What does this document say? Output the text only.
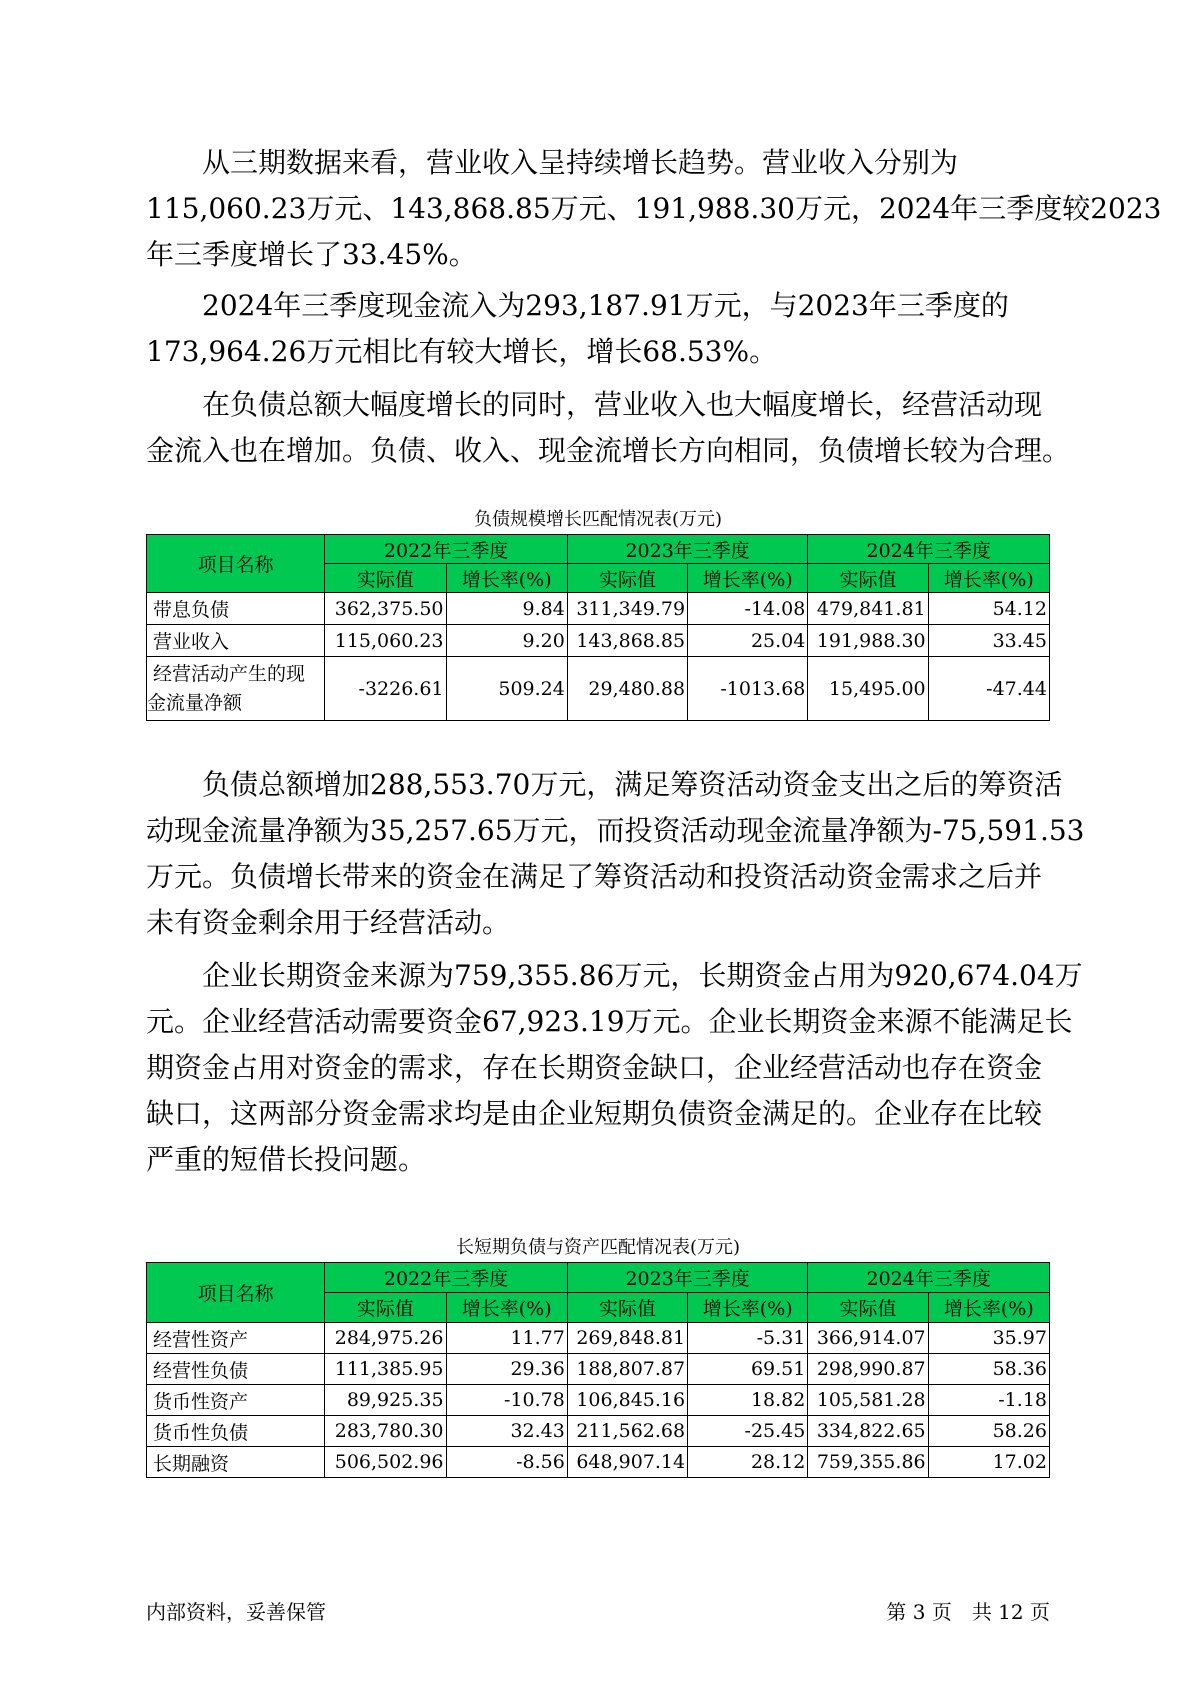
从三期数据来看，营业收入呈持续增长趋势。营业收入分别为
115,060.23万元、143,868.85万元、191,988.30万元，2024年三季度较2023
年三季度增长了33.45%。
2024年三季度现金流入为293,187.91万元，与2023年三季度的
173,964.26万元相比有较大增长，增长68.53%。
在负债总额大幅度增长的同时，营业收入也大幅度增长，经营活动现
金流入也在增加。负债、收入、现金流增长方向相同，负债增长较为合理。
负债规模增长匹配情况表(万元)
项目名称	2022年三季度		2023年三季度		2024年三季度	
	实际值	增长率(%)	实际值	增长率(%)	实际值	增长率(%)
带息负债	362,375.50	9.84	311,349.79	-14.08	479,841.81	54.12
营业收入	115,060.23	9.20	143,868.85	25.04	191,988.30	33.45

经营活动产生的现
金流量净额	-3226.61	509.24	29,480.88	-1013.68	15,495.00	-47.44
负债总额增加288,553.70万元，满足筹资活动资金支出之后的筹资活
动现金流量净额为35,257.65万元，而投资活动现金流量净额为-75,591.53
万元。负债增长带来的资金在满足了筹资活动和投资活动资金需求之后并
未有资金剩余用于经营活动。
企业长期资金来源为759,355.86万元，长期资金占用为920,674.04万
元。企业经营活动需要资金67,923.19万元。企业长期资金来源不能满足长
期资金占用对资金的需求，存在长期资金缺口，企业经营活动也存在资金
缺口，这两部分资金需求均是由企业短期负债资金满足的。企业存在比较
严重的短借长投问题。
长短期负债与资产匹配情况表(万元)
项目名称	2022年三季度		2023年三季度		2024年三季度	
	实际值	增长率(%)	实际值	增长率(%)	实际值	增长率(%)
经营性资产	284,975.26	11.77	269,848.81	-5.31	366,914.07	35.97
经营性负债	111,385.95	29.36	188,807.87	69.51	298,990.87	58.36
货币性资产	89,925.35	-10.78	106,845.16	18.82	105,581.28	-1.18
货币性负债	283,780.30	32.43	211,562.68	-25.45	334,822.65	58.26
长期融资	506,502.96	-8.56	648,907.14	28.12	759,355.86	17.02
内部资料，妥善保管	第 3 页　共 12 页
